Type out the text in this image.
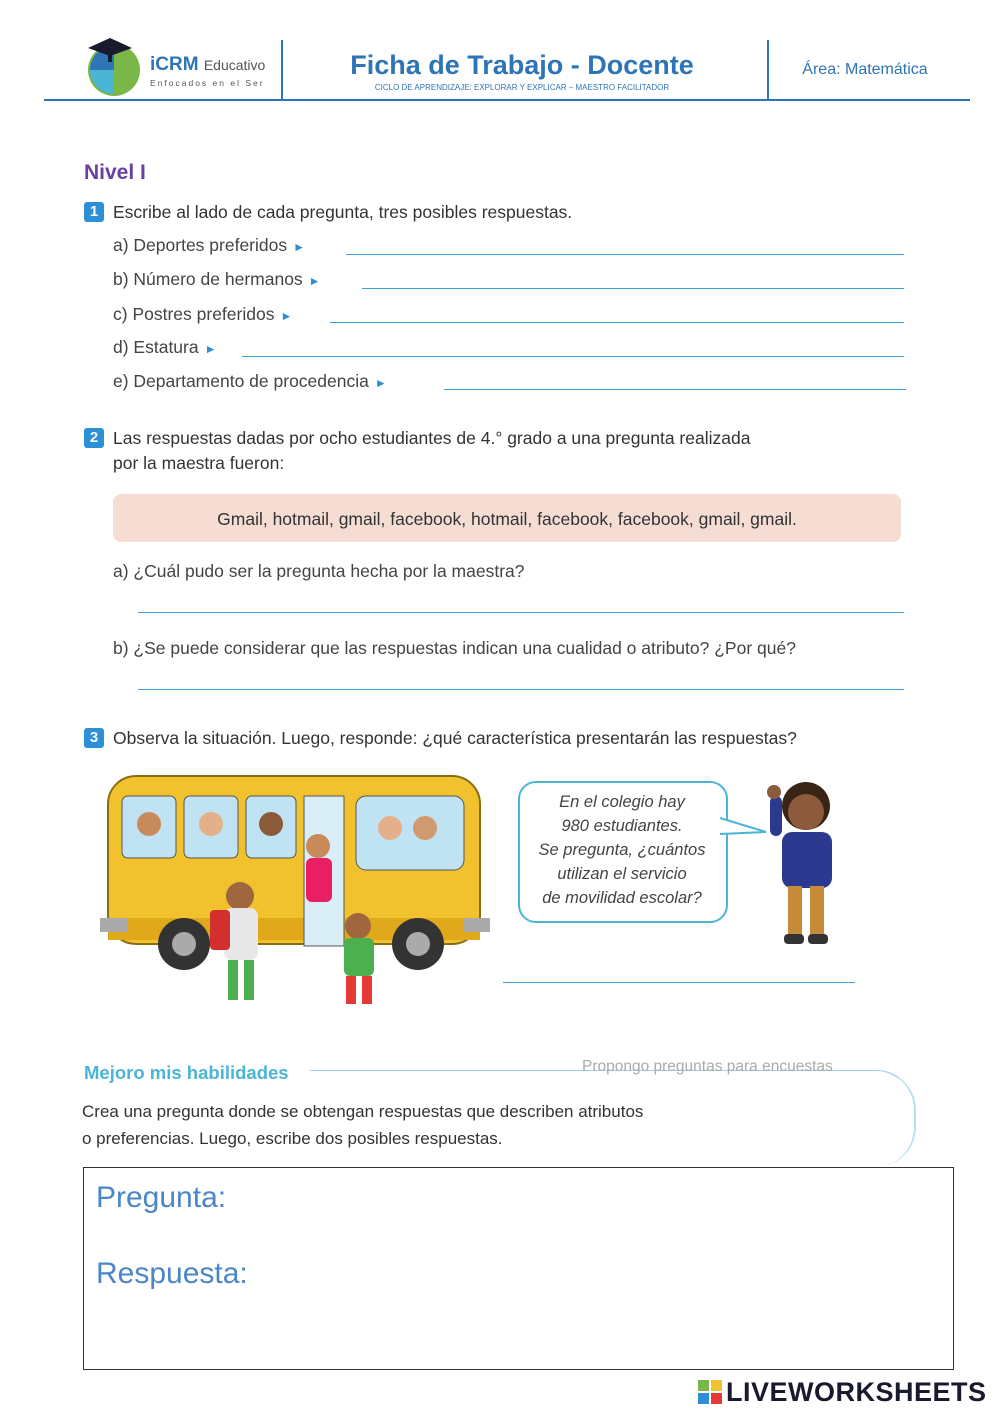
iCRM Educativo
Enfocados en el Ser
Ficha de Trabajo - Docente
CICLO DE APRENDIZAJE: EXPLORAR Y EXPLICAR – MAESTRO FACILITADOR
Área: Matemática
Nivel I
1 Escribe al lado de cada pregunta, tres posibles respuestas.
a) Deportes preferidos ►
b) Número de hermanos ►
c) Postres preferidos ►
d) Estatura ►
e) Departamento de procedencia ►
2 Las respuestas dadas por ocho estudiantes de 4.° grado a una pregunta realizada
por la maestra fueron:
Gmail, hotmail, gmail, facebook, hotmail, facebook, facebook, gmail, gmail.
a) ¿Cuál pudo ser la pregunta hecha por la maestra?
b) ¿Se puede considerar que las respuestas indican una cualidad o atributo? ¿Por qué?
3 Observa la situación. Luego, responde: ¿qué característica presentarán las respuestas?
En el colegio hay
980 estudiantes.
Se pregunta, ¿cuántos
utilizan el servicio
de movilidad escolar?
Mejoro mis habilidades	Propongo preguntas para encuestas
Crea una pregunta donde se obtengan respuestas que describen atributos
o preferencias. Luego, escribe dos posibles respuestas.
Pregunta:
Respuesta:
LIVEWORKSHEETS
